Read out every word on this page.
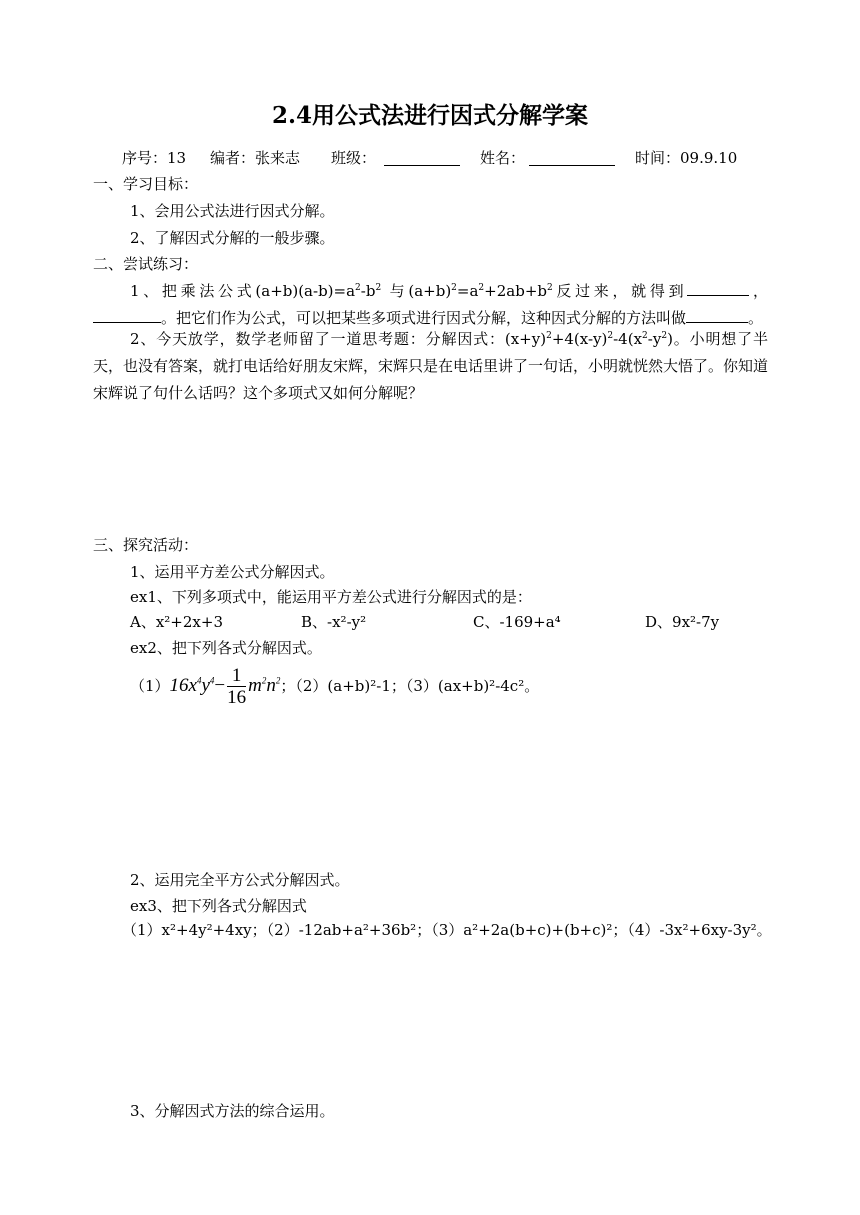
2.4用公式法进行因式分解学案
序号：13 编者：张来志 班级：	姓名：	时间：09.9.10
一、学习目标：
1、会用公式法进行因式分解。
2、了解因式分解的一般步骤。
二、尝试练习：
1、把乘法公式$(a+b)(a-b)=a^2-b^2$ 与$(a+b)^2=a^2+2ab+b^2$反过来，就得到	，。把它们作为公式，可以把某些多项式进行因式分解，这种因式分解的方法叫做	。
2、今天放学，数学老师留了一道思考题：分解因式：$(x+y)^2+4(x-y)^2-4(x^2-y^2)$。小明想了半天，也没有答案，就打电话给好朋友宋辉，宋辉只是在电话里讲了一句话，小明就恍然大悟了。你知道宋辉说了句什么话吗？这个多项式又如何分解呢？
三、探究活动：
1、运用平方差公式分解因式。
ex1、下列多项式中，能运用平方差公式进行分解因式的是：
A、x²+2x+3	B、-x²-y²	C、-169+a⁴	D、9x²-7y
ex2、把下列各式分解因式。
$(1)16x^4y^4- \frac{1}{16} m^2n^2$；（2）(a+b)²-1；（3）(ax+b)²-4c²。
2、运用完全平方公式分解因式。
ex3、把下列各式分解因式
（1）x²+4y²+4xy；（2）-12ab+a²+36b²；（3）a²+2a(b+c)+(b+c)²；（4）-3x²+6xy-3y²。
3、分解因式方法的综合运用。
